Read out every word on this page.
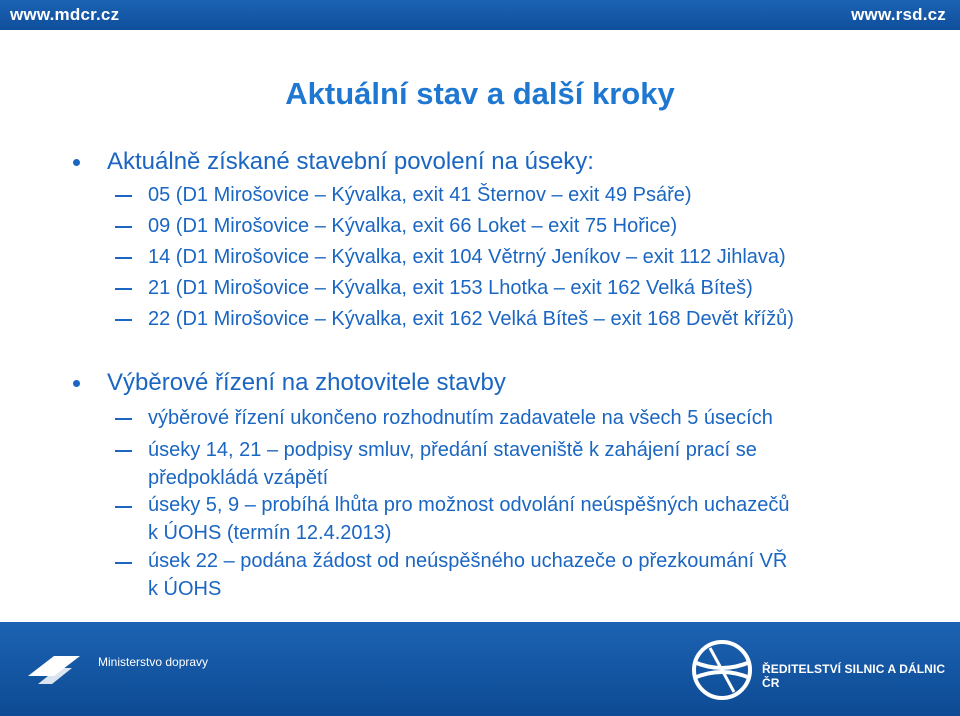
www.mdcr.cz	www.rsd.cz
Aktuální stav a další kroky
Aktuálně získané stavební povolení na úseky:
05 (D1 Mirošovice – Kývalka, exit 41 Šternov – exit 49 Psáře)
09 (D1 Mirošovice – Kývalka, exit 66 Loket – exit 75 Hořice)
14 (D1 Mirošovice – Kývalka, exit 104 Větrný Jeníkov – exit 112 Jihlava)
21 (D1 Mirošovice – Kývalka, exit 153 Lhotka – exit 162 Velká Bíteš)
22 (D1 Mirošovice – Kývalka, exit 162 Velká Bíteš – exit 168 Devět křížů)
Výběrové řízení na zhotovitele stavby
výběrové řízení ukončeno rozhodnutím zadavatele na všech 5 úsecích
úseky 14, 21 – podpisy smluv, předání staveniště k zahájení prací se
předpokládá vzápětí
úseky 5, 9 – probíhá lhůta pro možnost odvolání neúspěšných uchazečů
k ÚOHS (termín 12.4.2013)
úsek 22 – podána žádost od neúspěšného uchazeče o přezkoumání VŘ
k ÚOHS
Ministerstvo dopravy	ŘEDITELSTVÍ SILNIC A DÁLNIC ČR
